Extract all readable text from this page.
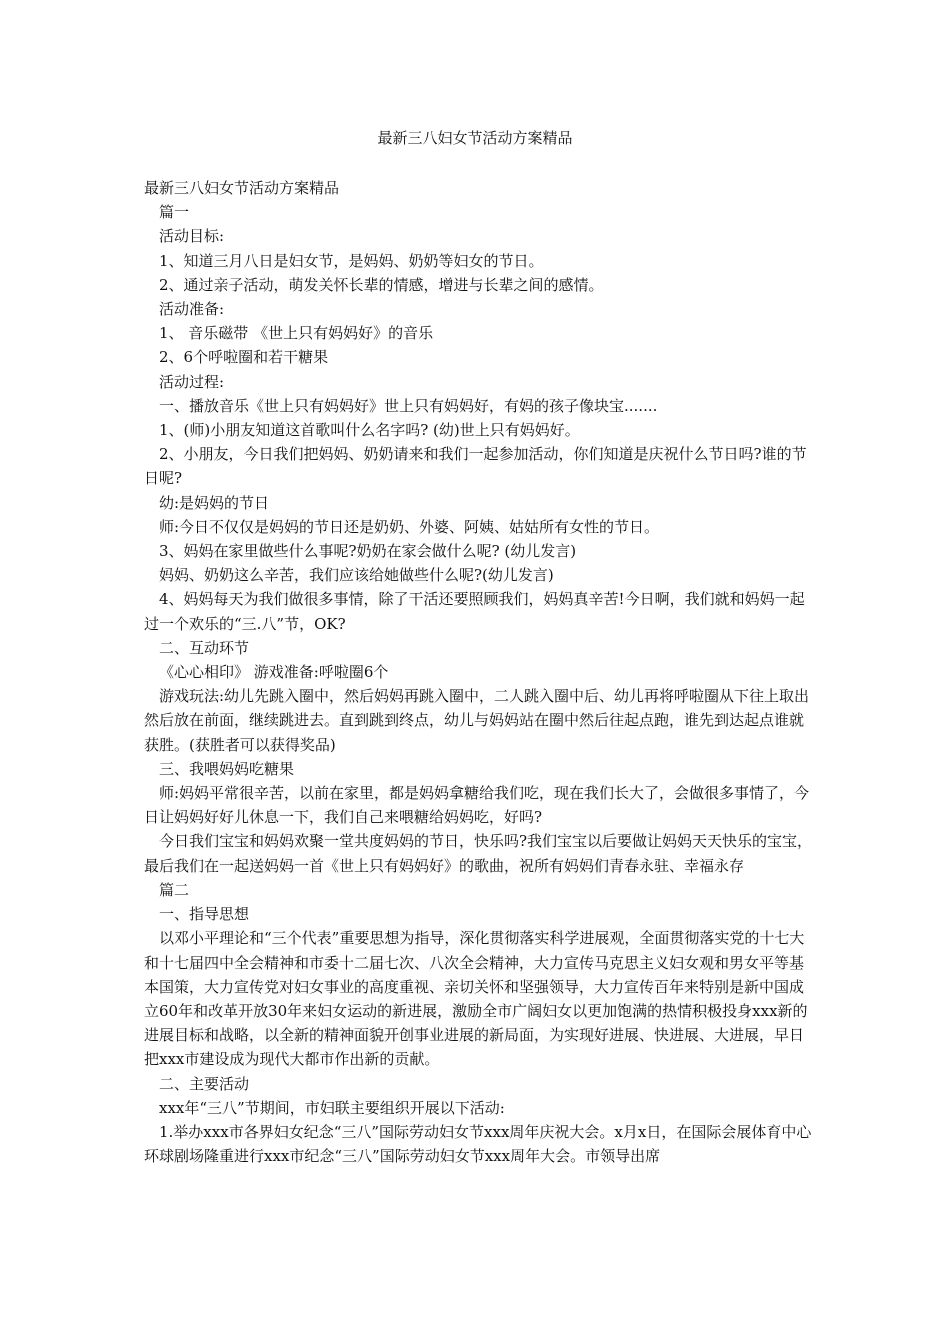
最新三八妇女节活动方案精品

最新三八妇女节活动方案精品

篇一

活动目标:

1、知道三月八日是妇女节，是妈妈、奶奶等妇女的节日。

2、通过亲子活动，萌发关怀长辈的情感，增进与长辈之间的感情。

活动准备:

1、 音乐磁带 《世上只有妈妈好》的音乐

2、6个呼啦圈和若干糖果

活动过程:

一、播放音乐《世上只有妈妈好》世上只有妈妈好，有妈的孩子像块宝.......

1、(师)小朋友知道这首歌叫什么名字吗? (幼)世上只有妈妈好。

2、小朋友，今日我们把妈妈、奶奶请来和我们一起参加活动，你们知道是庆祝什么节日吗?谁的节日呢?

幼:是妈妈的节日

师:今日不仅仅是妈妈的节日还是奶奶、外婆、阿姨、姑姑所有女性的节日。

3、妈妈在家里做些什么事呢?奶奶在家会做什么呢? (幼儿发言)

妈妈、奶奶这么辛苦，我们应该给她做些什么呢?(幼儿发言)

4、妈妈每天为我们做很多事情，除了干活还要照顾我们，妈妈真辛苦!今日啊，我们就和妈妈一起过一个欢乐的“三.八”节，OK?

二、互动环节

《心心相印》 游戏准备:呼啦圈6个

游戏玩法:幼儿先跳入圈中，然后妈妈再跳入圈中，二人跳入圈中后、幼儿再将呼啦圈从下往上取出然后放在前面，继续跳进去。直到跳到终点，幼儿与妈妈站在圈中然后往起点跑，谁先到达起点谁就获胜。(获胜者可以获得奖品)

三、我喂妈妈吃糖果

师:妈妈平常很辛苦，以前在家里，都是妈妈拿糖给我们吃，现在我们长大了，会做很多事情了，今日让妈妈好好儿休息一下，我们自己来喂糖给妈妈吃，好吗?

今日我们宝宝和妈妈欢聚一堂共度妈妈的节日，快乐吗?我们宝宝以后要做让妈妈天天快乐的宝宝，最后我们在一起送妈妈一首《世上只有妈妈好》的歌曲，祝所有妈妈们青春永驻、幸福永存

篇二

一、指导思想

以邓小平理论和“三个代表”重要思想为指导，深化贯彻落实科学进展观，全面贯彻落实党的十七大和十七届四中全会精神和市委十二届七次、八次全会精神，大力宣传马克思主义妇女观和男女平等基本国策，大力宣传党对妇女事业的高度重视、亲切关怀和坚强领导，大力宣传百年来特别是新中国成立60年和改革开放30年来妇女运动的新进展，激励全市广阔妇女以更加饱满的热情积极投身xxx新的进展目标和战略，以全新的精神面貌开创事业进展的新局面，为实现好进展、快进展、大进展，早日把xxx市建设成为现代大都市作出新的贡献。

二、主要活动

xxx年“三八”节期间，市妇联主要组织开展以下活动:

1.举办xxx市各界妇女纪念“三八”国际劳动妇女节xxx周年庆祝大会。x月x日，在国际会展体育中心环球剧场隆重进行xxx市纪念“三八”国际劳动妇女节xxx周年大会。市领导出席
